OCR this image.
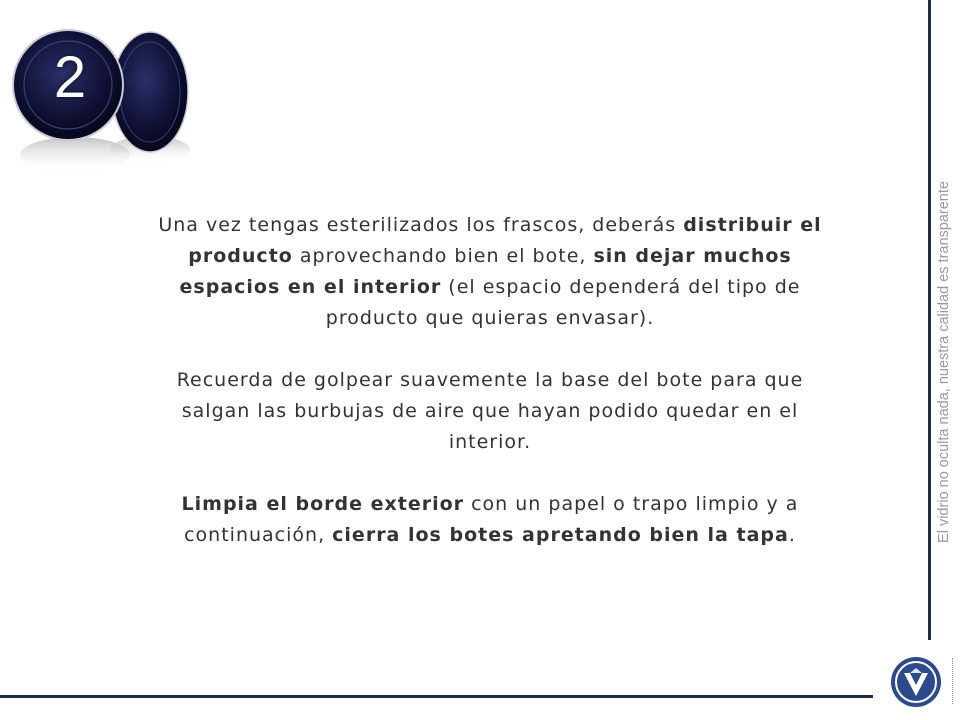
2

Una vez tengas esterilizados los frascos, deberás distribuir el producto aprovechando bien el bote, sin dejar muchos espacios en el interior (el espacio dependerá del tipo de producto que quieras envasar).

Recuerda de golpear suavemente la base del bote para que salgan las burbujas de aire que hayan podido quedar en el interior.

Limpia el borde exterior con un papel o trapo limpio y a continuación, cierra los botes apretando bien la tapa.	El vidrio no oculta nada, nuestra calidad es transparente
